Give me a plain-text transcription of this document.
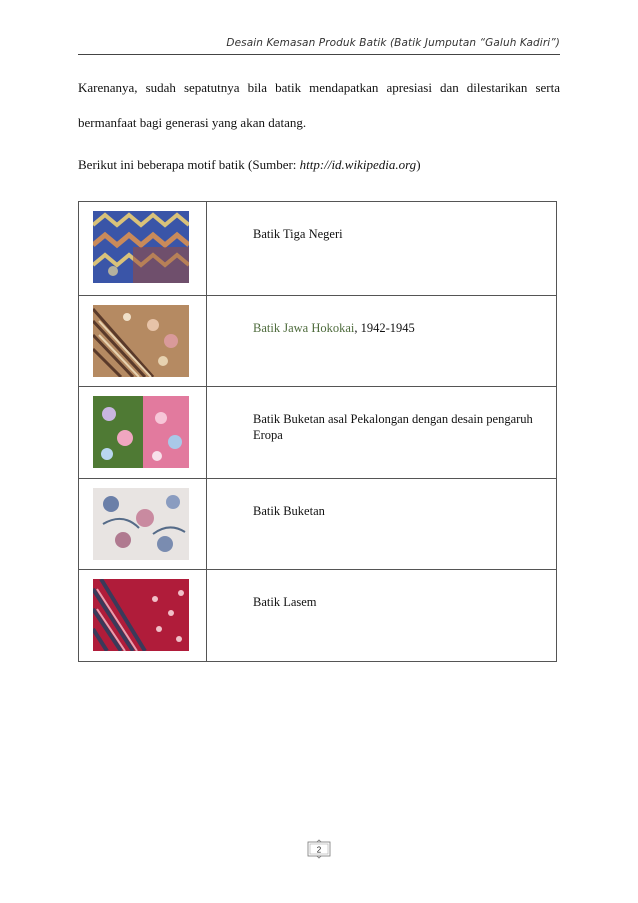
Desain Kemasan Produk Batik (Batik Jumputan “Galuh Kadiri”)
Karenanya, sudah sepatutnya bila batik mendapatkan apresiasi dan dilestarikan serta
bermanfaat bagi generasi yang akan datang.
Berikut ini beberapa motif batik (Sumber: http://id.wikipedia.org)
	Batik Tiga Negeri

	Batik Jawa Hokokai, 1942-1945

	Batik Buketan asal Pekalongan dengan desain pengaruh Eropa

	Batik Buketan

	Batik Lasem
2
